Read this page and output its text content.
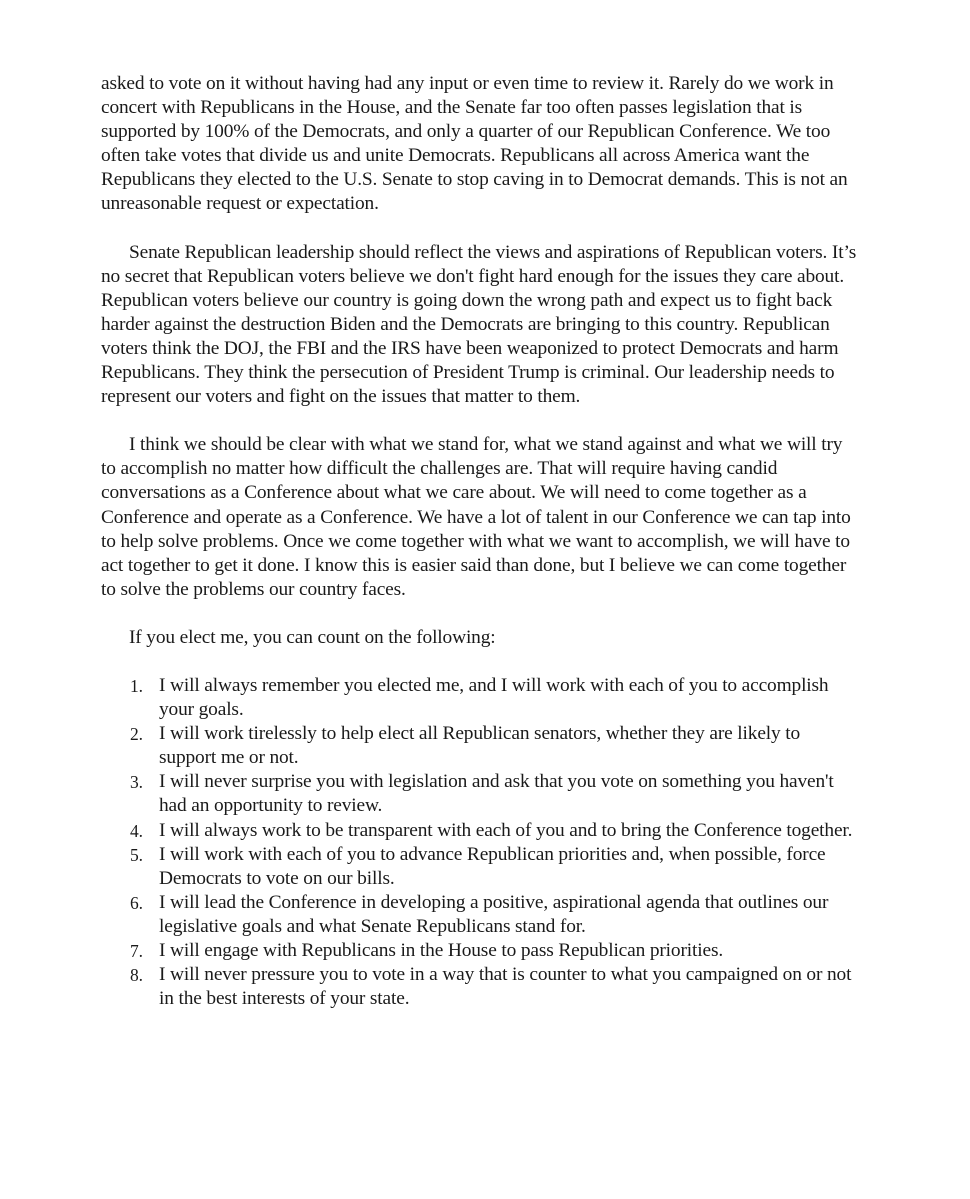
asked to vote on it without having had any input or even time to review it. Rarely do we work in concert with Republicans in the House, and the Senate far too often passes legislation that is supported by 100% of the Democrats, and only a quarter of our Republican Conference. We too often take votes that divide us and unite Democrats. Republicans all across America want the Republicans they elected to the U.S. Senate to stop caving in to Democrat demands. This is not an unreasonable request or expectation.

Senate Republican leadership should reflect the views and aspirations of Republican voters. It’s no secret that Republican voters believe we don't fight hard enough for the issues they care about. Republican voters believe our country is going down the wrong path and expect us to fight back harder against the destruction Biden and the Democrats are bringing to this country. Republican voters think the DOJ, the FBI and the IRS have been weaponized to protect Democrats and harm Republicans. They think the persecution of President Trump is criminal. Our leadership needs to represent our voters and fight on the issues that matter to them.

I think we should be clear with what we stand for, what we stand against and what we will try to accomplish no matter how difficult the challenges are. That will require having candid conversations as a Conference about what we care about. We will need to come together as a Conference and operate as a Conference. We have a lot of talent in our Conference we can tap into to help solve problems. Once we come together with what we want to accomplish, we will have to act together to get it done. I know this is easier said than done, but I believe we can come together to solve the problems our country faces.

If you elect me, you can count on the following:

1. I will always remember you elected me, and I will work with each of you to accomplish your goals.
2. I will work tirelessly to help elect all Republican senators, whether they are likely to support me or not.
3. I will never surprise you with legislation and ask that you vote on something you haven't had an opportunity to review.
4. I will always work to be transparent with each of you and to bring the Conference together.
5. I will work with each of you to advance Republican priorities and, when possible, force Democrats to vote on our bills.
6. I will lead the Conference in developing a positive, aspirational agenda that outlines our legislative goals and what Senate Republicans stand for.
7. I will engage with Republicans in the House to pass Republican priorities.
8. I will never pressure you to vote in a way that is counter to what you campaigned on or not in the best interests of your state.
